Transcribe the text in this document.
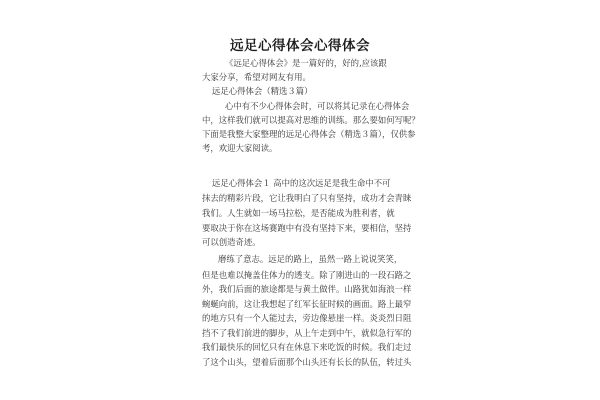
远足心得体会心得体会
《远足心得体会》是一篇好的，好的,应该跟
大家分享，希望对网友有用。
远足心得体会（精选３篇）
心中有不少心得体会时，可以将其记录在心得体会
中，这样我们就可以提高对思维的训练。那么要如何写呢？
下面是我整大家整理的远足心得体会（精选３篇），仅供参
考，欢迎大家阅读。
远足心得体会１ 高中的这次远足是我生命中不可
抹去的精彩片段，它让我明白了只有坚持，成功才会青睐
我们。人生就如一场马拉松，是否能成为胜利者，就
要取决于你在这场赛跑中有没有坚持下来，要相信，坚持
可以创造奇迹。
磨练了意志。远足的路上，虽然一路上说说笑笑，
但是也难以掩盖住体力的透支。除了刚进山的一段石路之
外，我们后面的旅途都是与黄土做伴。山路犹如海浪一样
蜿蜒向前，这让我想起了红军长征时候的画面。路上最窄
的地方只有一个人能过去，旁边像悬崖一样。炎炎烈日阻
挡不了我们前进的脚步，从上午走到中午，就似急行军的
我们最快乐的回忆只有在休息下来吃饭的时候。我们走过
了这个山头，望着后面那个山头还有长长的队伍，转过头
